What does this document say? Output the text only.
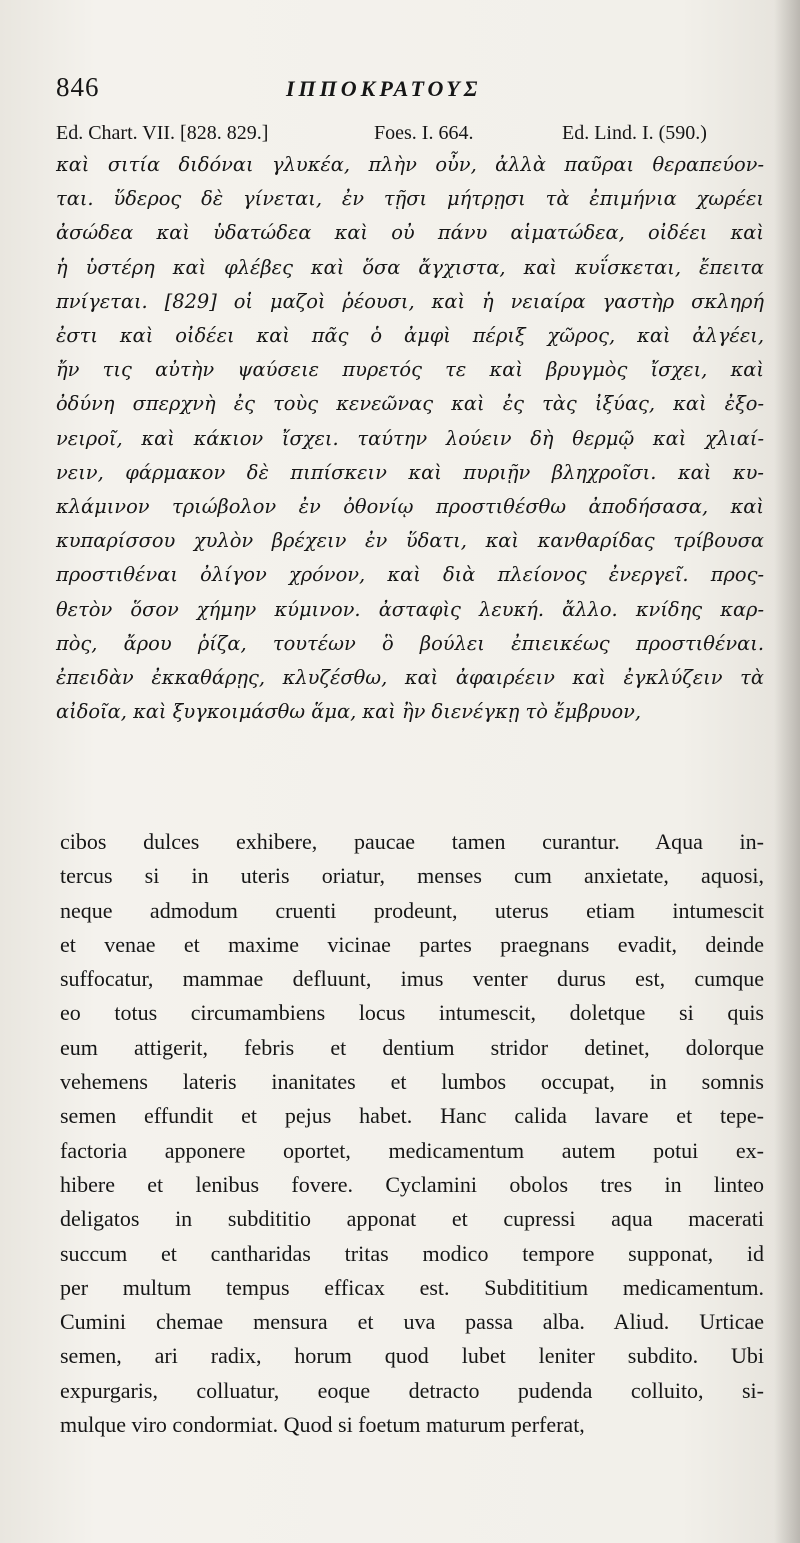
846	ΙΠΠΟΚΡΑΤΟΥΣ
Ed. Chart. VII. [828. 829.]	Foes. I. 664.	Ed. Lind. I. (590.)
καὶ σιτία διδόναι γλυκέα, πλὴν οὖν, ἀλλὰ παῦραι θεραπεύον-
ται. ὕδερος δὲ γίνεται, ἐν τῇσι μήτρῃσι τὰ ἐπιμήνια χωρέει
ἀσώδεα καὶ ὑδατώδεα καὶ οὐ πάνυ αἱματώδεα, οἰδέει καὶ
ἡ ὑστέρη καὶ φλέβες καὶ ὅσα ἄγχιστα, καὶ κυΐσκεται, ἔπειτα
πνίγεται. [829] οἱ μαζοὶ ῥέουσι, καὶ ἡ νειαίρα γαστὴρ σκληρή
ἐστι καὶ οἰδέει καὶ πᾶς ὁ ἀμφὶ πέριξ χῶρος, καὶ ἀλγέει,
ἤν τις αὐτὴν ψαύσειε πυρετός τε καὶ βρυγμὸς ἴσχει, καὶ
ὀδύνη σπερχνὴ ἐς τοὺς κενεῶνας καὶ ἐς τὰς ἰξύας, καὶ ἐξο-
νειροῖ, καὶ κάκιον ἴσχει. ταύτην λούειν δὴ θερμῷ καὶ χλιαί-
νειν, φάρμακον δὲ πιπίσκειν καὶ πυριῇν βληχροῖσι. καὶ κυ-
κλάμινον τριώβολον ἐν ὀθονίῳ προστιθέσθω ἀποδήσασα, καὶ
κυπαρίσσου χυλὸν βρέχειν ἐν ὕδατι, καὶ κανθαρίδας τρίβουσα
προστιθέναι ὀλίγον χρόνον, καὶ διὰ πλείονος ἐνεργεῖ. προς-
θετὸν ὅσον χήμην κύμινον. ἀσταφὶς λευκή. ἄλλο. κνίδης καρ-
πὸς, ἄρου ῥίζα, τουτέων ὃ βούλει ἐπιεικέως προστιθέναι.
ἐπειδὰν ἐκκαθάρῃς, κλυζέσθω, καὶ ἀφαιρέειν καὶ ἐγκλύζειν τὰ
αἰδοῖα, καὶ ξυγκοιμάσθω ἅμα, καὶ ἢν διενέγκῃ τὸ ἔμβρυον,
cibos dulces exhibere, paucae tamen curantur. Aqua in-
tercus si in uteris oriatur, menses cum anxietate, aquosi,
neque admodum cruenti prodeunt, uterus etiam intumescit
et venae et maxime vicinae partes praegnans evadit, deinde
suffocatur, mammae defluunt, imus venter durus est, cumque
eo totus circumambiens locus intumescit, doletque si quis
eum attigerit, febris et dentium stridor detinet, dolorque
vehemens lateris inanitates et lumbos occupat, in somnis
semen effundit et pejus habet. Hanc calida lavare et tepe-
factoria apponere oportet, medicamentum autem potui ex-
hibere et lenibus fovere. Cyclamini obolos tres in linteo
deligatos in subdititio apponat et cupressi aqua macerati
succum et cantharidas tritas modico tempore supponat, id
per multum tempus efficax est. Subdititium medicamentum.
Cumini chemae mensura et uva passa alba. Aliud. Urticae
semen, ari radix, horum quod lubet leniter subdito. Ubi
expurgaris, colluatur, eoque detracto pudenda colluito, si-
mulque viro condormiat. Quod si foetum maturum perferat,
